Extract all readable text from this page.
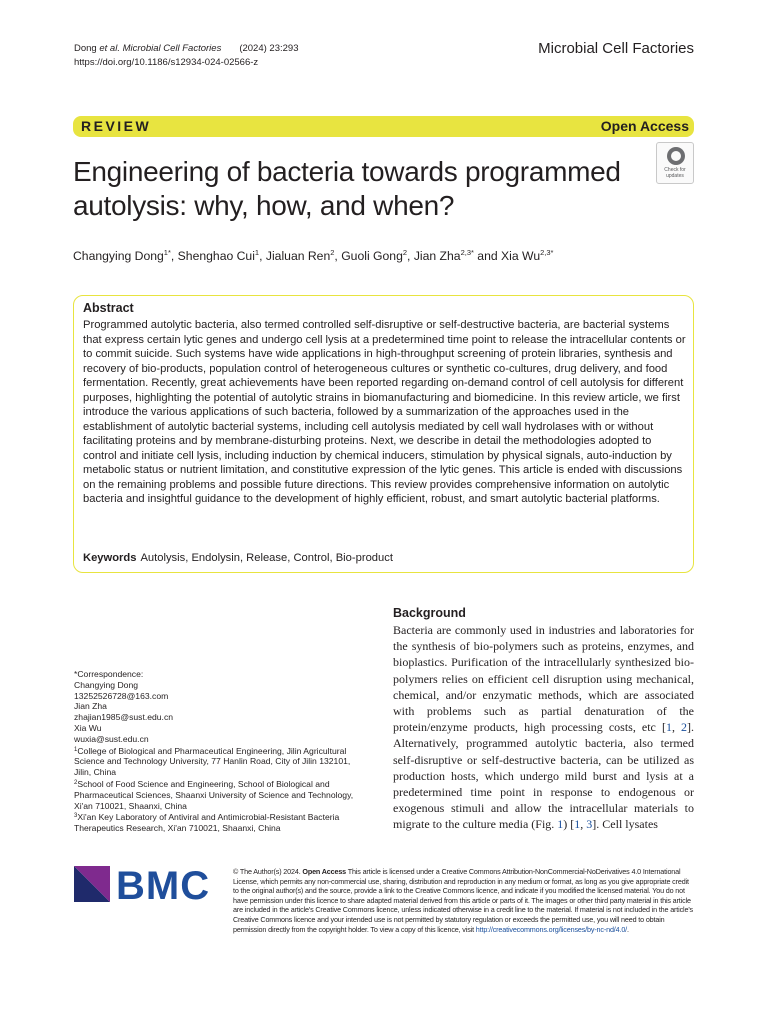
Dong et al. Microbial Cell Factories (2024) 23:293
https://doi.org/10.1186/s12934-024-02566-z
Microbial Cell Factories
REVIEW	Open Access
Engineering of bacteria towards programmed autolysis: why, how, and when?
Check for updates
Changying Dong$^{1*}$, Shenghao Cui$^1$, Jialuan Ren$^2$, Guoli Gong$^2$, Jian Zha$^{2,3*}$ and Xia $Wu^{2,3*}$
Abstract
Programmed autolytic bacteria, also termed controlled self-disruptive or self-destructive bacteria, are bacterial systems that express certain lytic genes and undergo cell lysis at a predetermined time point to release the intracellular contents or to commit suicide. Such systems have wide applications in high-throughput screening of protein libraries, synthesis and recovery of bio-products, population control of heterogeneous cultures or synthetic co-cultures, drug delivery, and food fermentation. Recently, great achievements have been reported regarding on-demand control of cell autolysis for different purposes, highlighting the potential of autolytic strains in biomanufacturing and biomedicine. In this review article, we first introduce the various applications of such bacteria, followed by a summarization of the approaches used in the establishment of autolytic bacterial systems, including cell autolysis mediated by cell wall hydrolases with or without facilitating proteins and by membrane-disturbing proteins. Next, we describe in detail the methodologies adopted to control and initiate cell lysis, including induction by chemical inducers, stimulation by physical signals, auto-induction by metabolic status or nutrient limitation, and constitutive expression of the lytic genes. This article is ended with discussions on the remaining problems and possible future directions. This review provides comprehensive information on autolytic bacteria and insightful guidance to the development of highly efficient, robust, and smart autolytic bacterial platforms.
Keywords Autolysis, Endolysin, Release, Control, Bio-product
*Correspondence:
Changying Dong
13252526728@163.com
Jian Zha
zhajian1985@sust.edu.cn
Xia Wu
wuxia@sust.edu.cn
$^1$College of Biological and Pharmaceutical Engineering, Jilin Agricultural Science and Technology University, 77 Hanlin Road, City of Jilin 132101, Jilin, China
$^2$School of Food Science and Engineering, School of Biological and Pharmaceutical Sciences, Shaanxi University of Science and Technology, Xi'an 710021, Shaanxi, China
$^3$Xi'an Key Laboratory of Antiviral and Antimicrobial-Resistant Bacteria Therapeutics Research, Xi'an 710021, Shaanxi, China
Background
Bacteria are commonly used in industries and laboratories for the synthesis of bio-polymers such as proteins, enzymes, and bioplastics. Purification of the intracellularly synthesized bio-polymers relies on efficient cell disruption using mechanical, chemical, and/or enzymatic methods, which are associated with problems such as partial denaturation of the protein/enzyme products, high processing costs, etc [1, 2]. Alternatively, programmed autolytic bacteria, also termed self-disruptive or self-destructive bacteria, can be utilized as production hosts, which undergo mild burst and lysis at a predetermined time point in response to endogenous or exogenous stimuli and allow the intracellular materials to migrate to the culture media (Fig. 1) [1, 3]. Cell lysates
BMC	© The Author(s) 2024. Open Access This article is licensed under a Creative Commons Attribution-NonCommercial-NoDerivatives 4.0 International License, which permits any non-commercial use, sharing, distribution and reproduction in any medium or format, as long as you give appropriate credit to the original author(s) and the source, provide a link to the Creative Commons licence, and indicate if you modified the licensed material. You do not have permission under this licence to share adapted material derived from this article or parts of it. The images or other third party material in this article are included in the article's Creative Commons licence, unless indicated otherwise in a credit line to the material. If material is not included in the article's Creative Commons licence and your intended use is not permitted by statutory regulation or exceeds the permitted use, you will need to obtain permission directly from the copyright holder. To view a copy of this licence, visit http://creativecommons.org/licenses/by-nc-nd/4.0/.
